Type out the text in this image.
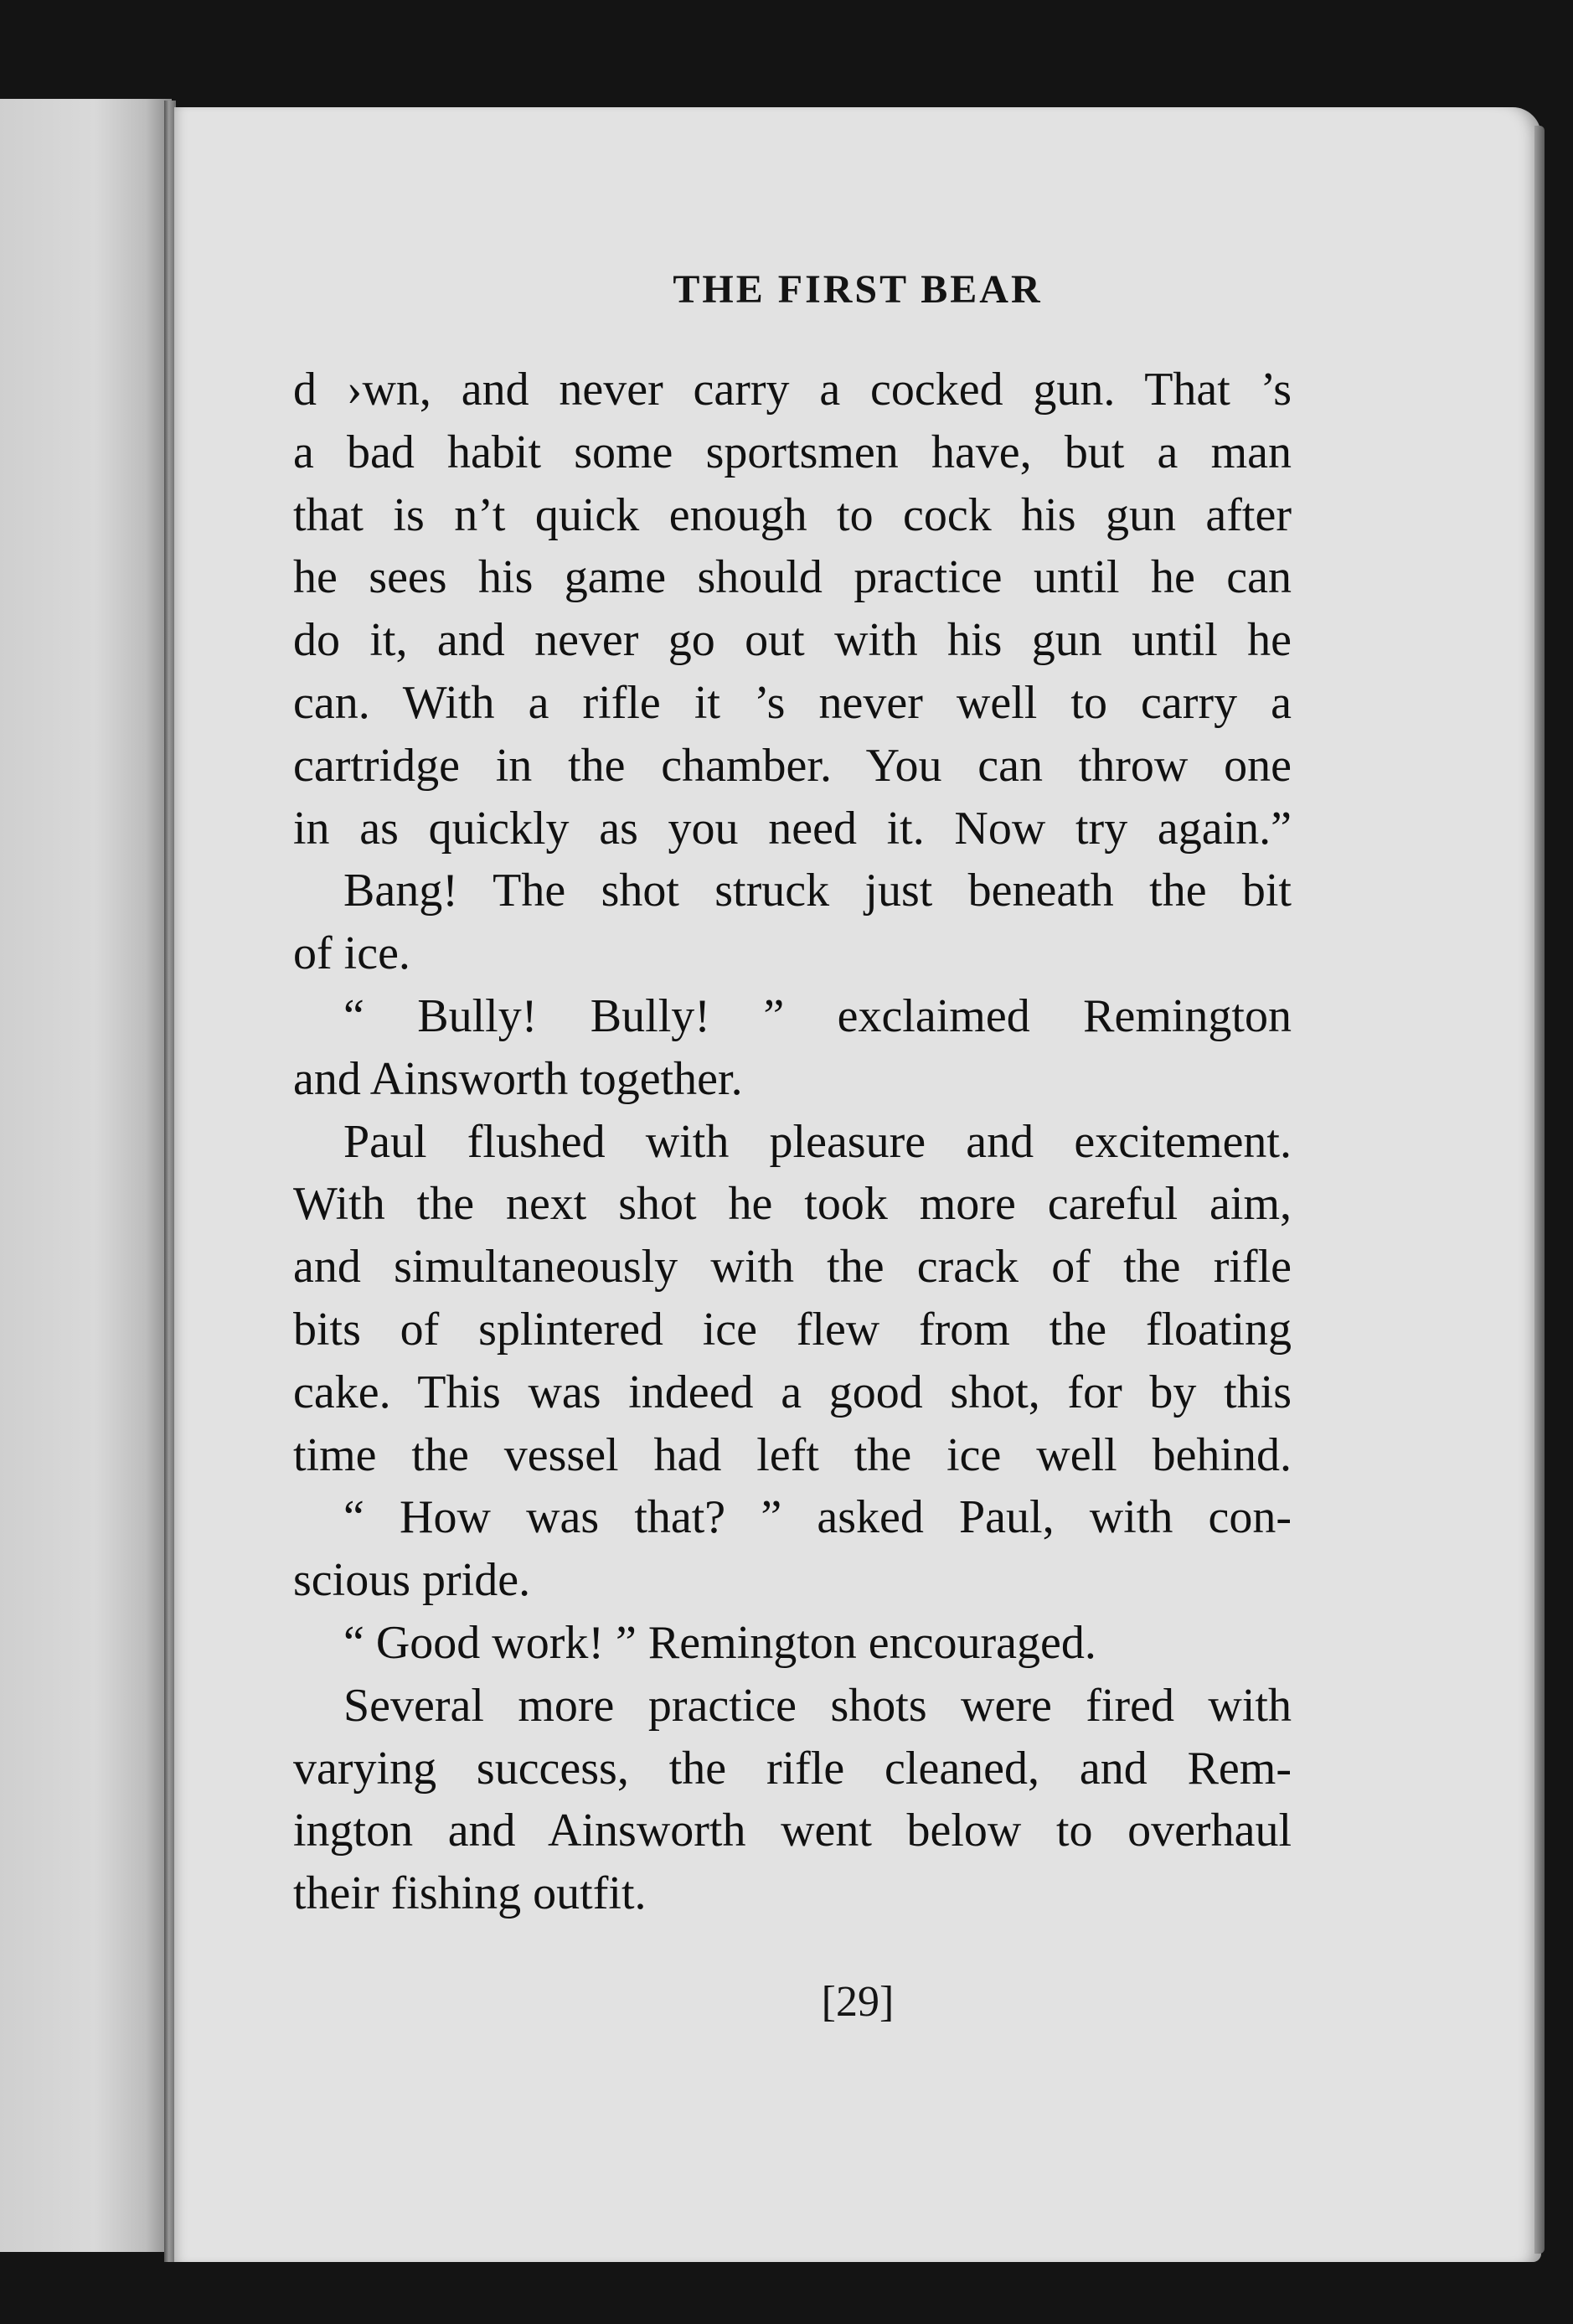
THE FIRST BEAR
d ›wn, and never carry a cocked gun. That ’s
a bad habit some sportsmen have, but a man
that is n’t quick enough to cock his gun after
he sees his game should practice until he can
do it, and never go out with his gun until he
can. With a rifle it ’s never well to carry a
cartridge in the chamber. You can throw one
in as quickly as you need it. Now try again.”
Bang! The shot struck just beneath the bit
of ice.
“ Bully! Bully! ” exclaimed Remington
and Ainsworth together.
Paul flushed with pleasure and excitement.
With the next shot he took more careful aim,
and simultaneously with the crack of the rifle
bits of splintered ice flew from the floating
cake. This was indeed a good shot, for by this
time the vessel had left the ice well behind.
“ How was that? ” asked Paul, with con-
scious pride.
“ Good work! ” Remington encouraged.
Several more practice shots were fired with
varying success, the rifle cleaned, and Rem-
ington and Ainsworth went below to overhaul
their fishing outfit.
[29]
